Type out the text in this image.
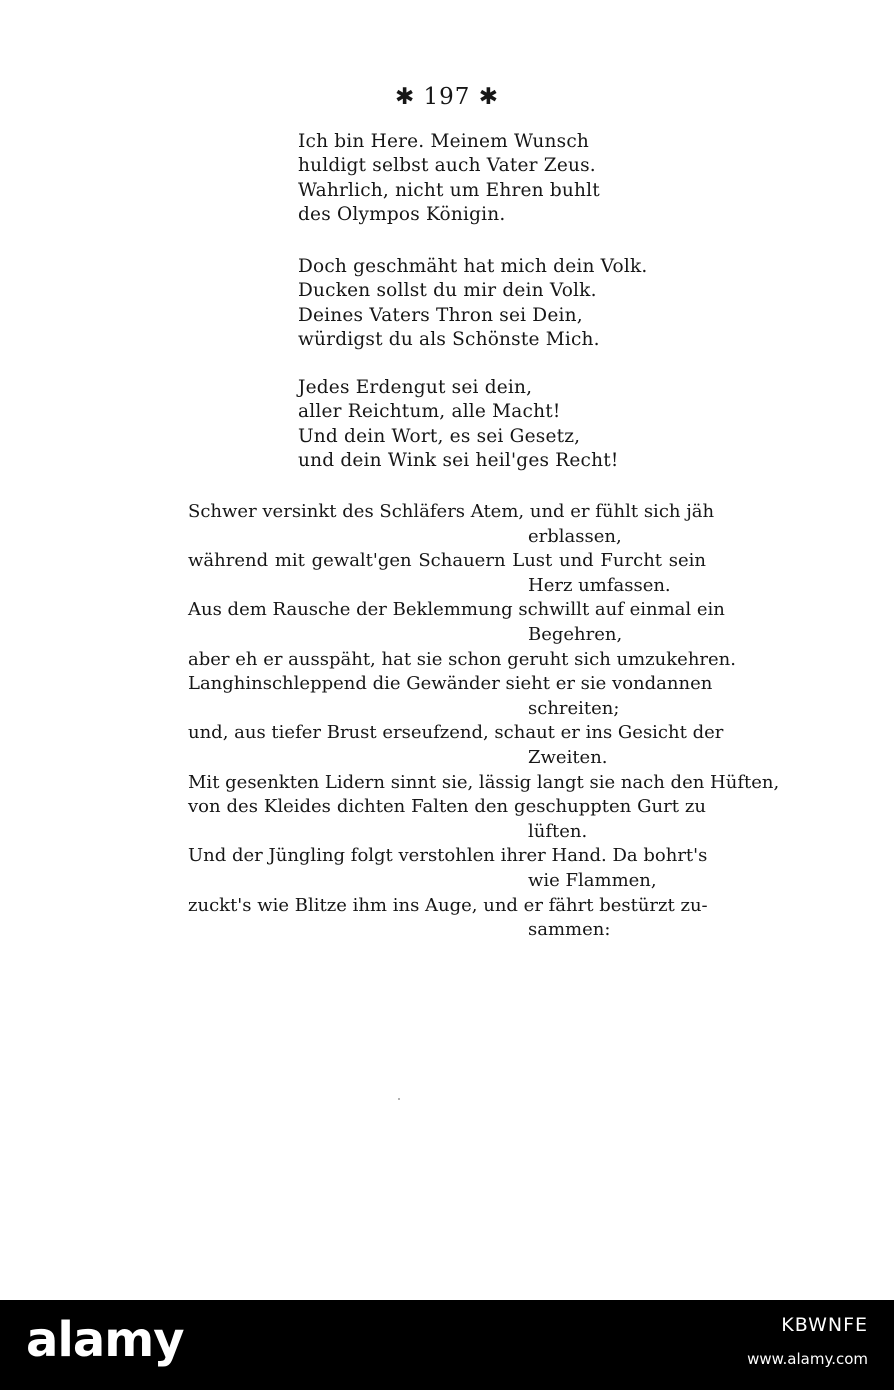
✱ 197 ✱
Ich bin Here. Meinem Wunsch
huldigt selbst auch Vater Zeus.
Wahrlich, nicht um Ehren buhlt
des Olympos Königin.
Doch geschmäht hat mich dein Volk.
Ducken sollst du mir dein Volk.
Deines Vaters Thron sei Dein,
würdigst du als Schönste Mich.
Jedes Erdengut sei dein,
aller Reichtum, alle Macht!
Und dein Wort, es sei Gesetz,
und dein Wink sei heil'ges Recht!
Schwer versinkt des Schläfers Atem, und er fühlt sich jäh
erblassen,
während mit gewalt'gen Schauern Lust und Furcht sein
Herz umfassen.
Aus dem Rausche der Beklemmung schwillt auf einmal ein
Begehren,
aber eh er ausspäht, hat sie schon geruht sich umzukehren.
Langhinschleppend die Gewänder sieht er sie vondannen
schreiten;
und, aus tiefer Brust erseufzend, schaut er ins Gesicht der
Zweiten.
Mit gesenkten Lidern sinnt sie, lässig langt sie nach den Hüften,
von des Kleides dichten Falten den geschuppten Gurt zu
lüften.
Und der Jüngling folgt verstohlen ihrer Hand. Da bohrt's
wie Flammen,
zuckt's wie Blitze ihm ins Auge, und er fährt bestürzt zu-
sammen:
alamy	KBWNFE
www.alamy.com
